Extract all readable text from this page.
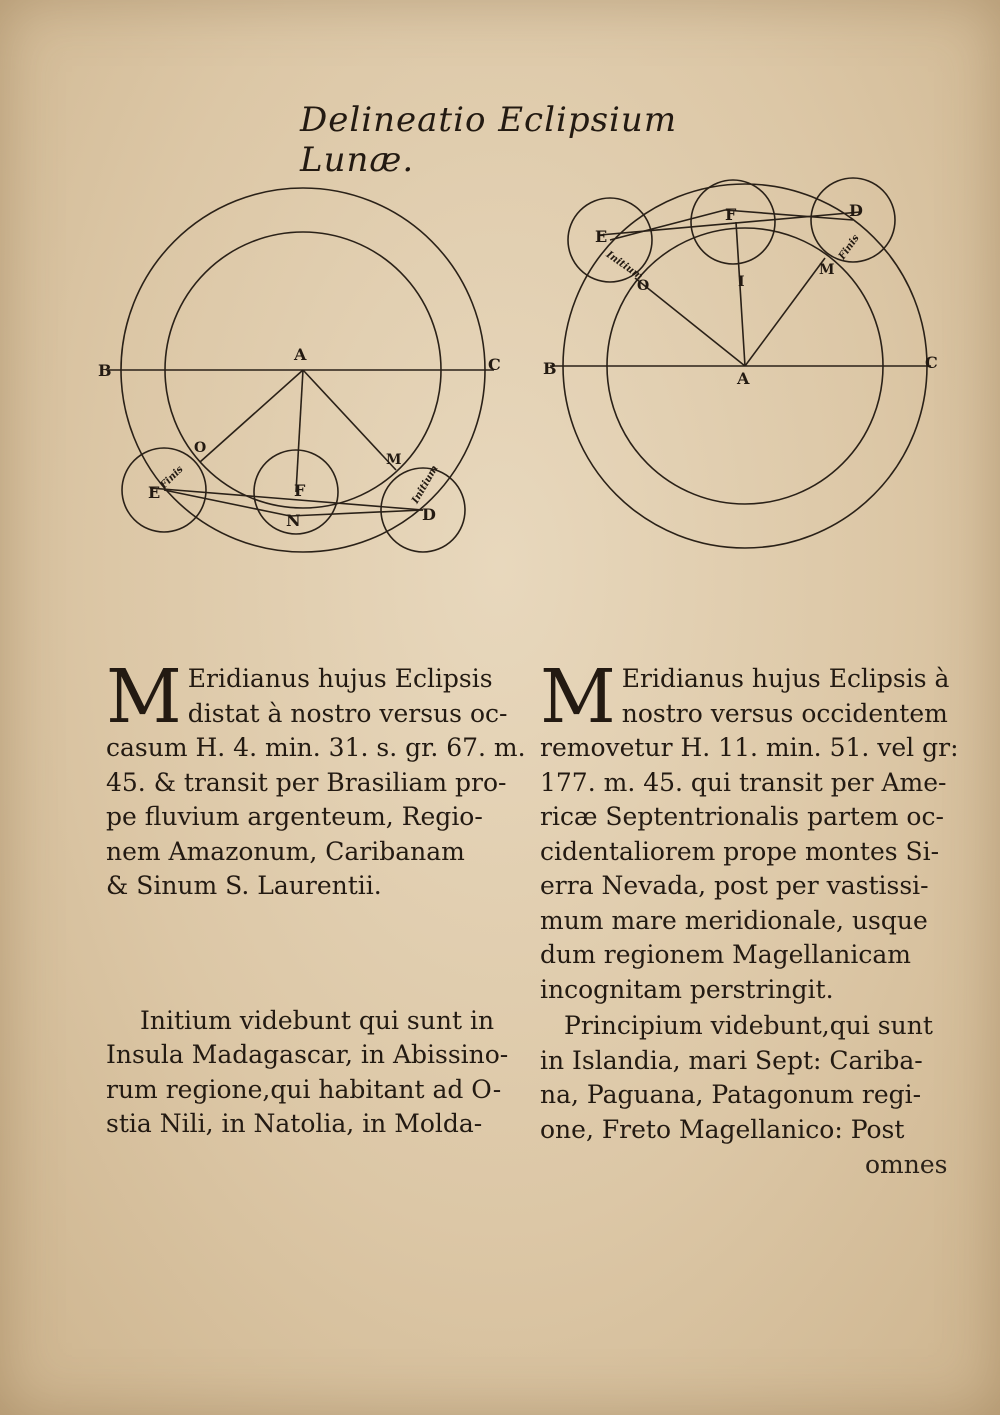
Delineatio Eclipsium Lunæ.
A
B	C
O
E	F
N
M
D
Finis	Initium
A
B	C
E
F
I
D
O
M
Initium
Finis

M Eridianus hujus Eclipsis
distat à nostro versus oc-
casum H. 4. min. 31. s. gr. 67. m.
45. & transit per Brasiliam pro-
pe fluvium argenteum, Regio-
nem Amazonum, Caribanam
& Sinum S. Laurentii.

Initium videbunt qui sunt in
Insula Madagascar, in Abissino-
rum regione,qui habitant ad O-
stia Nili, in Natolia, in Molda-

M Eridianus hujus Eclipsis à
nostro versus occidentem
removetur H. 11. min. 51. vel gr:
177. m. 45. qui transit per Ame-
ricæ Septentrionalis partem oc-
cidentaliorem prope montes Si-
erra Nevada, post per vastissi-
mum mare meridionale, usque
dum regionem Magellanicam
incognitam perstringit.

Principium videbunt,qui sunt
in Islandia, mari Sept: Cariba-
na, Paguana, Patagonum regi-
one, Freto Magellanico: Post

omnes
